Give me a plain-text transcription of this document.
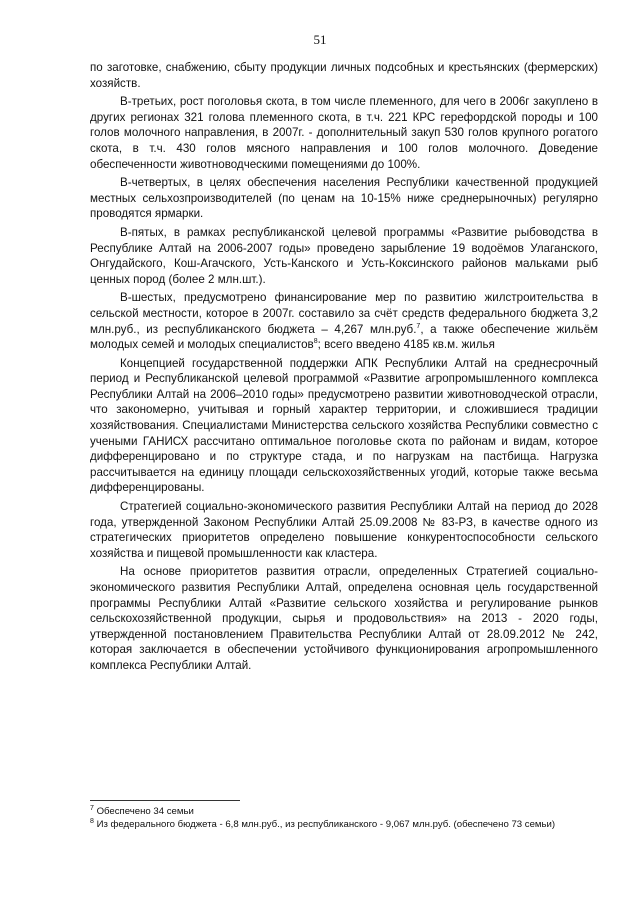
51

по заготовке, снабжению, сбыту продукции личных подсобных и крестьянских (фермерских) хозяйств.

В-третьих, рост поголовья скота, в том числе племенного, для чего в 2006г закуплено в других регионах 321 голова племенного скота, в т.ч. 221 КРС герефордской породы и 100 голов молочного направления, в 2007г. - дополнительный закуп 530 голов крупного рогатого скота, в т.ч. 430 голов мясного направления и 100 голов молочного. Доведение обеспеченности животноводческими помещениями до 100%.

В-четвертых, в целях обеспечения населения Республики качественной продукцией местных сельхозпроизводителей (по ценам на 10-15% ниже среднерыночных) регулярно проводятся ярмарки.

В-пятых, в рамках республиканской целевой программы «Развитие рыбоводства в Республике Алтай на 2006-2007 годы» проведено зарыбление 19 водоёмов Улаганского, Онгудайского, Кош-Агачского, Усть-Канского и Усть-Коксинского районов мальками рыб ценных пород (более 2 млн.шт.).

В-шестых, предусмотрено финансирование мер по развитию жилстроительства в сельской местности, которое в 2007г. составило за счёт средств федерального бюджета 3,2 млн.руб., из республиканского бюджета – 4,267 млн.руб.$^7$, а также обеспечение жильём молодых семей и молодых специалистов$^8$; всего введено 4185 кв.м. жилья

Концепцией государственной поддержки АПК Республики Алтай на среднесрочный период и Республиканской целевой программой «Развитие агропромышленного комплекса Республики Алтай на 2006–2010 годы» предусмотрено развитии животноводческой отрасли, что закономерно, учитывая и горный характер территории, и сложившиеся традиции хозяйствования. Специалистами Министерства сельского хозяйства Республики совместно с учеными ГАНИСХ рассчитано оптимальное поголовье скота по районам и видам, которое дифференцировано и по структуре стада, и по нагрузкам на пастбища. Нагрузка рассчитывается на единицу площади сельскохозяйственных угодий, которые также весьма дифференцированы.

Стратегией социально-экономического развития Республики Алтай на период до 2028 года, утвержденной Законом Республики Алтай 25.09.2008 № 83-РЗ, в качестве одного из стратегических приоритетов определено повышение конкурентоспособности сельского хозяйства и пищевой промышленности как кластера.

На основе приоритетов развития отрасли, определенных Стратегией социально-экономического развития Республики Алтай, определена основная цель государственной программы Республики Алтай «Развитие сельского хозяйства и регулирование рынков сельскохозяйственной продукции, сырья и продовольствия» на 2013 - 2020 годы, утвержденной постановлением Правительства Республики Алтай от 28.09.2012 № 242, которая заключается в обеспечении устойчивого функционирования агропромышленного комплекса Республики Алтай.

$^7$ Обеспечено 34 семьи

$^8$ Из федерального бюджета - 6,8 млн.руб., из республиканского - 9,067 млн.руб. (обеспечено 73 семьи)
